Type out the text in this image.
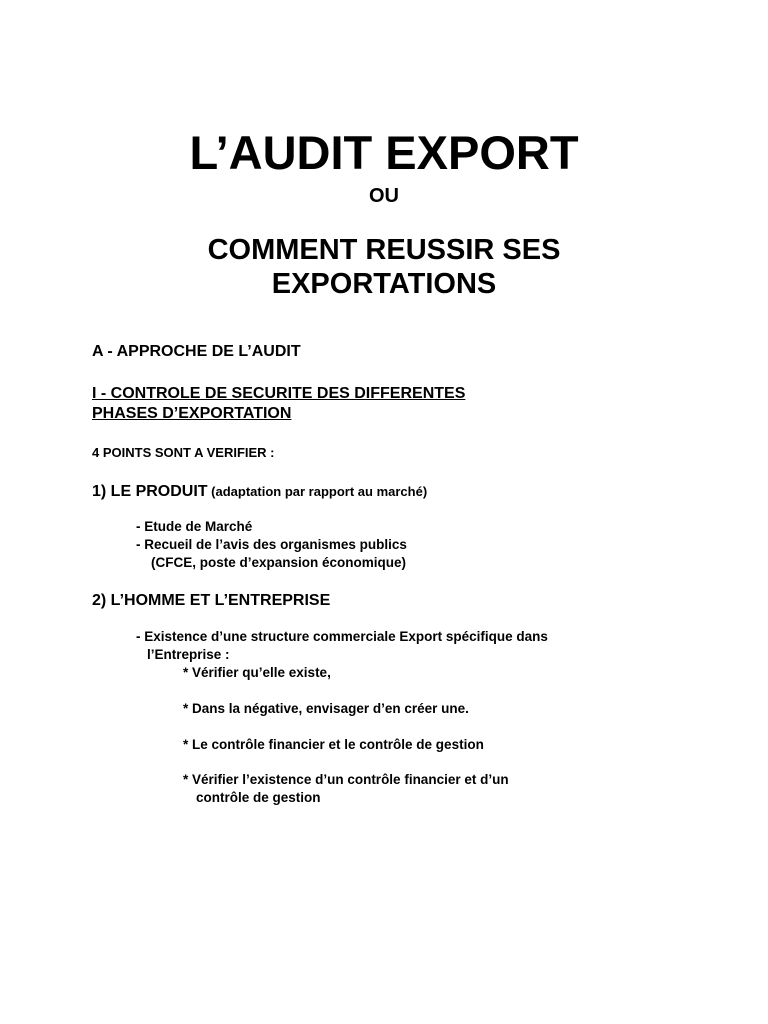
L’AUDIT EXPORT
OU
COMMENT REUSSIR SES
EXPORTATIONS
A - APPROCHE DE L’AUDIT
I - CONTROLE DE SECURITE DES DIFFERENTES
PHASES D’EXPORTATION
4 POINTS SONT A VERIFIER :
1) LE PRODUIT (adaptation par rapport au marché)
- Etude de Marché
- Recueil de l’avis des organismes publics
(CFCE, poste d’expansion économique)
2) L’HOMME ET L’ENTREPRISE
- Existence d’une structure commerciale Export spécifique dans
l’Entreprise :
* Vérifier qu’elle existe,
* Dans la négative, envisager d’en créer une.
* Le contrôle financier et le contrôle de gestion
* Vérifier l’existence d’un contrôle financier et d’un
contrôle de gestion
